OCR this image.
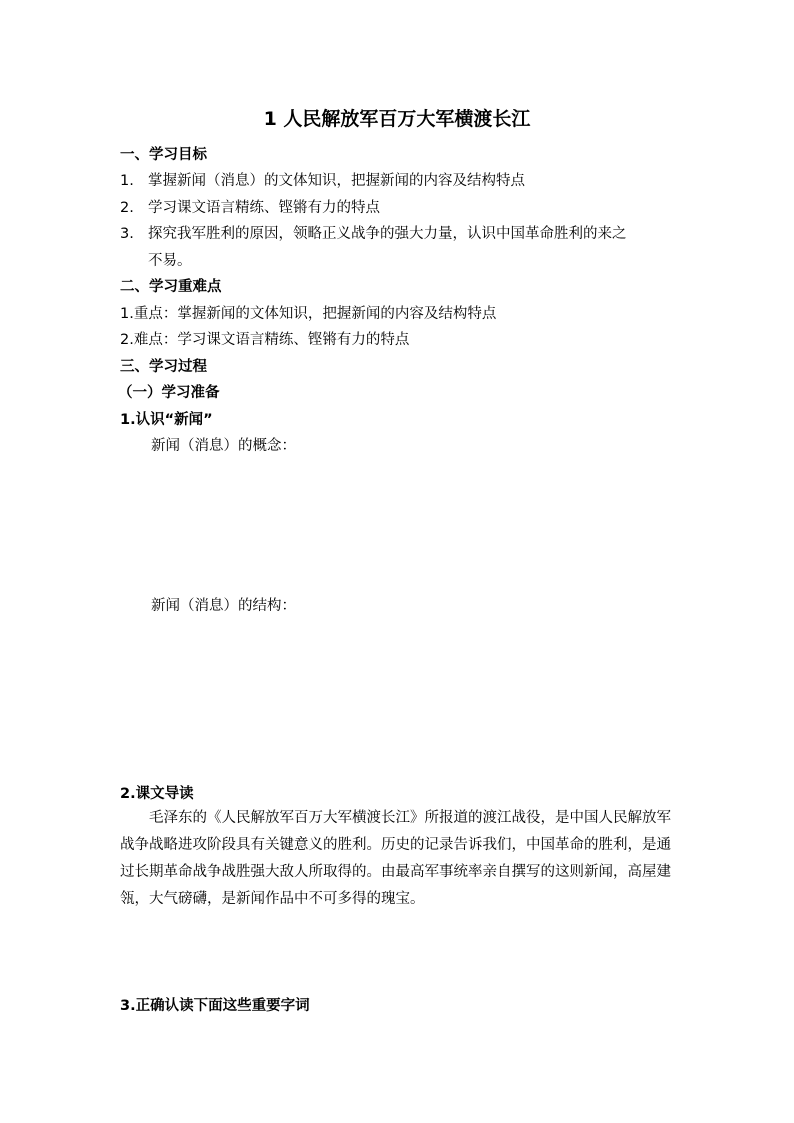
1 人民解放军百万大军横渡长江
一、学习目标
1. 掌握新闻（消息）的文体知识，把握新闻的内容及结构特点
2. 学习课文语言精练、铿锵有力的特点
3. 探究我军胜利的原因，领略正义战争的强大力量，认识中国革命胜利的来之
不易。
二、学习重难点
1.重点：掌握新闻的文体知识，把握新闻的内容及结构特点
2.难点：学习课文语言精练、铿锵有力的特点
三、学习过程
（一）学习准备
1.认识“新闻”
新闻（消息）的概念：
新闻（消息）的结构：
2.课文导读
毛泽东的《人民解放军百万大军横渡长江》所报道的渡江战役，是中国人民解放军战争战略进攻阶段具有关键意义的胜利。历史的记录告诉我们，中国革命的胜利，是通过长期革命战争战胜强大敌人所取得的。由最高军事统率亲自撰写的这则新闻，高屋建瓴，大气磅礴，是新闻作品中不可多得的瑰宝。
3.正确认读下面这些重要字词
